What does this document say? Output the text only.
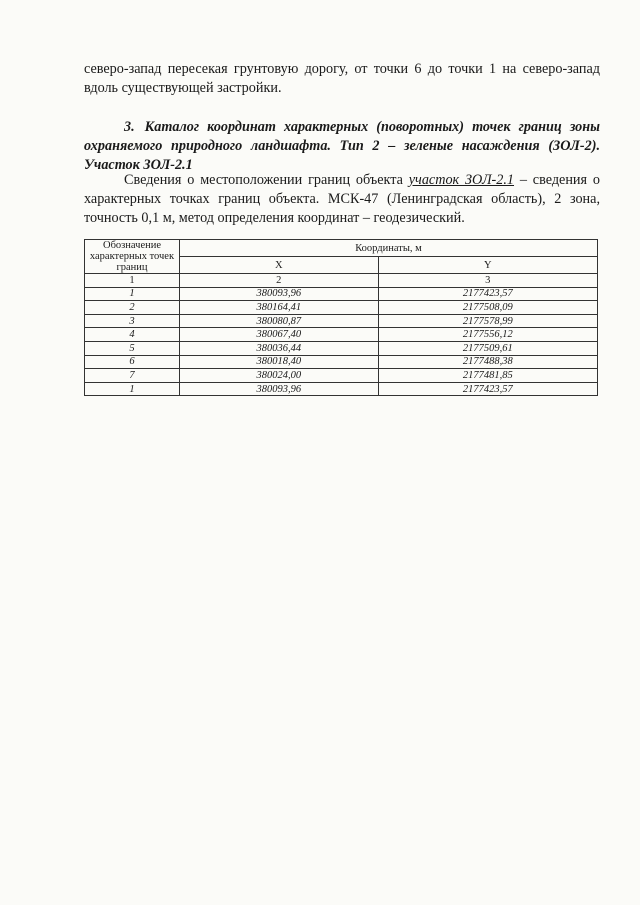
северо-запад пересекая грунтовую дорогу, от точки 6 до точки 1 на северо-запад вдоль существующей застройки.
3. Каталог координат характерных (поворотных) точек границ зоны охраняемого природного ландшафта. Тип 2 – зеленые насаждения (ЗОЛ-2). Участок ЗОЛ-2.1
Сведения о местоположении границ объекта участок ЗОЛ-2.1 – сведения о характерных точках границ объекта. МСК-47 (Ленинградская область), 2 зона, точность 0,1 м, метод определения координат – геодезический.
Обозначение характерных точек границ	Координаты, м	
	X	Y
1	2	3
1	380093,96	2177423,57
2	380164,41	2177508,09
3	380080,87	2177578,99
4	380067,40	2177556,12
5	380036,44	2177509,61
6	380018,40	2177488,38
7	380024,00	2177481,85
1	380093,96	2177423,57
